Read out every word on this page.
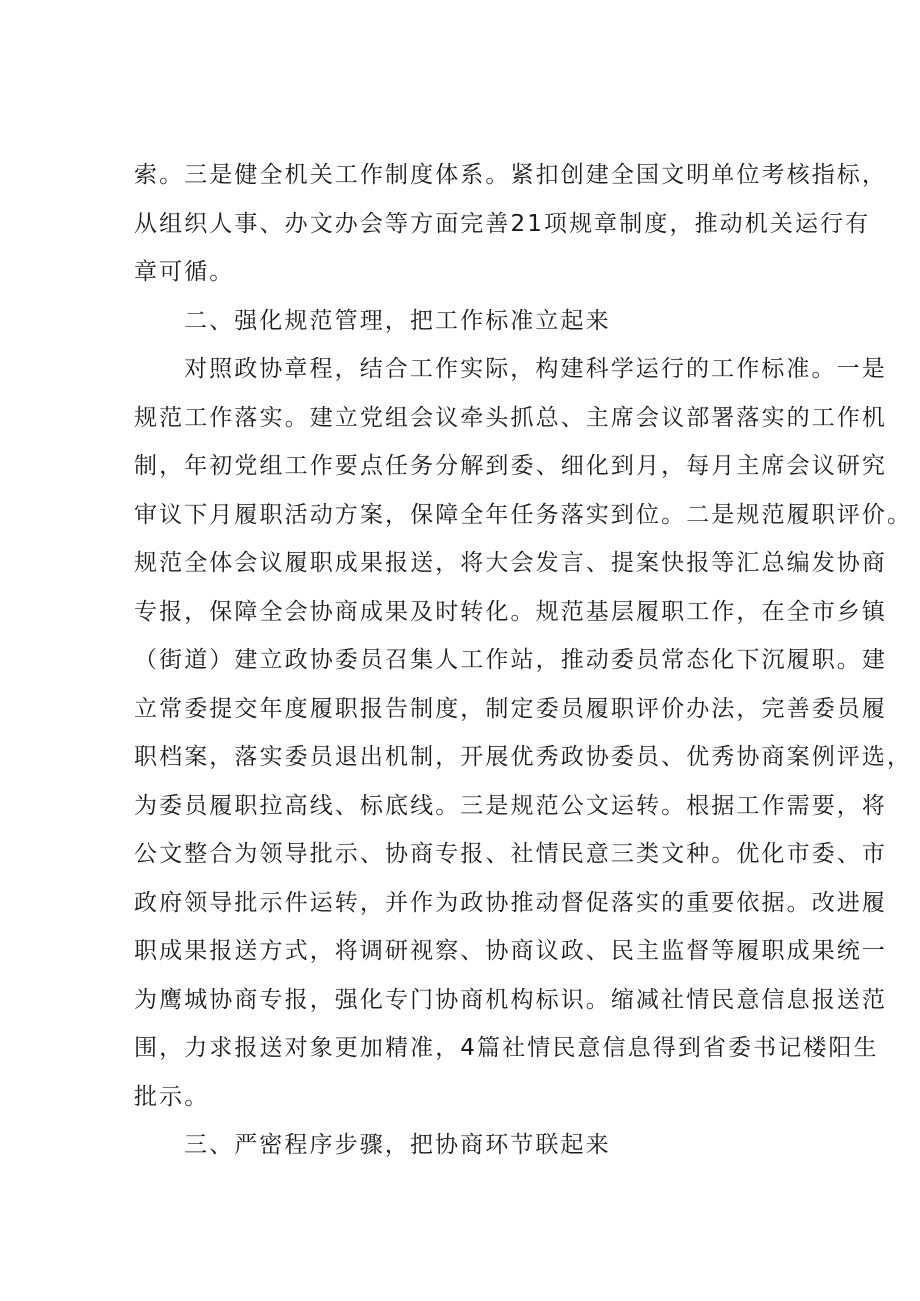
索。三是健全机关工作制度体系。紧扣创建全国文明单位考核指标，
从组织人事、办文办会等方面完善21项规章制度，推动机关运行有
章可循。
二、强化规范管理，把工作标准立起来
对照政协章程，结合工作实际，构建科学运行的工作标准。一是
规范工作落实。建立党组会议牵头抓总、主席会议部署落实的工作机
制，年初党组工作要点任务分解到委、细化到月，每月主席会议研究
审议下月履职活动方案，保障全年任务落实到位。二是规范履职评价。
规范全体会议履职成果报送，将大会发言、提案快报等汇总编发协商
专报，保障全会协商成果及时转化。规范基层履职工作，在全市乡镇
（街道）建立政协委员召集人工作站，推动委员常态化下沉履职。建
立常委提交年度履职报告制度，制定委员履职评价办法，完善委员履
职档案，落实委员退出机制，开展优秀政协委员、优秀协商案例评选，
为委员履职拉高线、标底线。三是规范公文运转。根据工作需要，将
公文整合为领导批示、协商专报、社情民意三类文种。优化市委、市
政府领导批示件运转，并作为政协推动督促落实的重要依据。改进履
职成果报送方式，将调研视察、协商议政、民主监督等履职成果统一
为鹰城协商专报，强化专门协商机构标识。缩减社情民意信息报送范
围，力求报送对象更加精准，4篇社情民意信息得到省委书记楼阳生
批示。
三、严密程序步骤，把协商环节联起来
